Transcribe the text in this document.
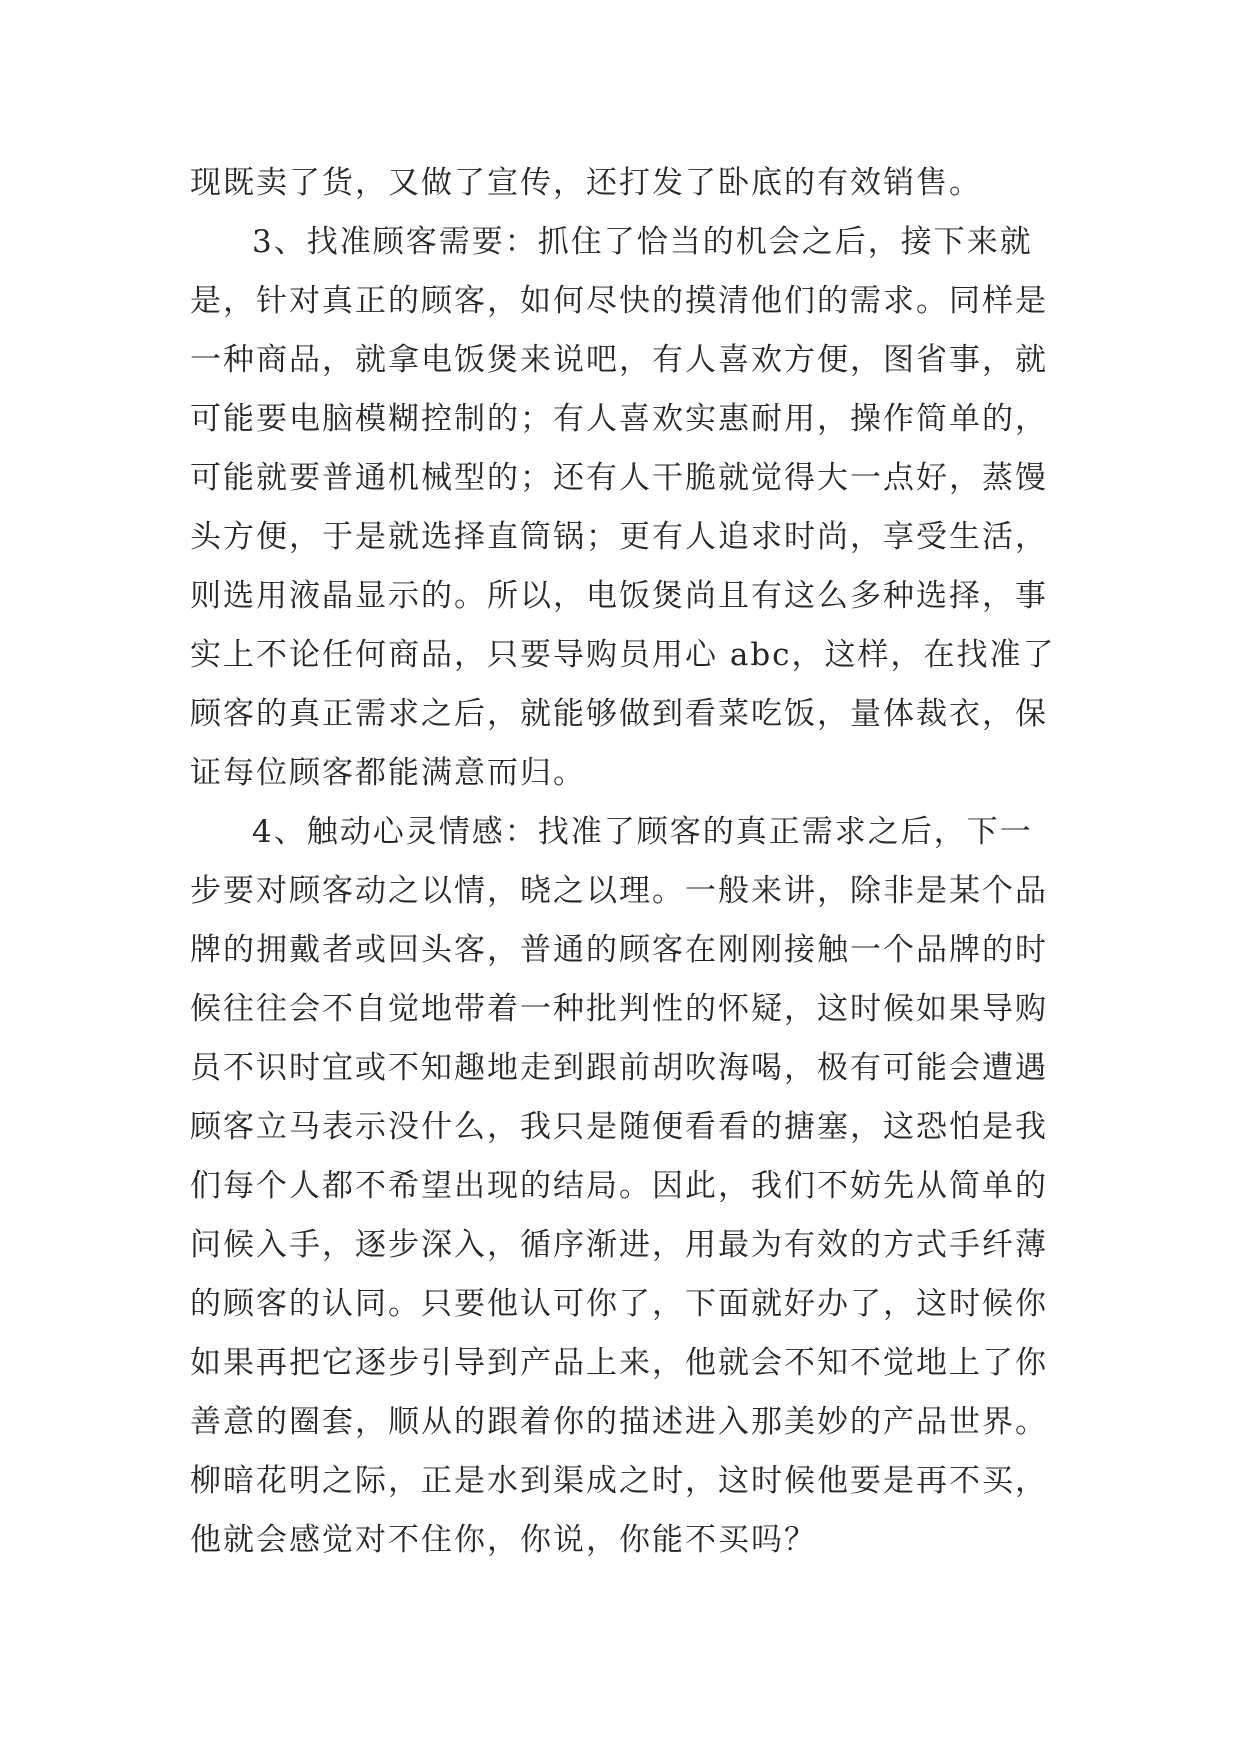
现既卖了货，又做了宣传，还打发了卧底的有效销售。
3、找准顾客需要：抓住了恰当的机会之后，接下来就
是，针对真正的顾客，如何尽快的摸清他们的需求。同样是
一种商品，就拿电饭煲来说吧，有人喜欢方便，图省事，就
可能要电脑模糊控制的；有人喜欢实惠耐用，操作简单的，
可能就要普通机械型的；还有人干脆就觉得大一点好，蒸馒
头方便，于是就选择直筒锅；更有人追求时尚，享受生活，
则选用液晶显示的。所以，电饭煲尚且有这么多种选择，事
实上不论任何商品，只要导购员用心 abc，这样，在找准了
顾客的真正需求之后，就能够做到看菜吃饭，量体裁衣，保
证每位顾客都能满意而归。
4、触动心灵情感：找准了顾客的真正需求之后，下一
步要对顾客动之以情，晓之以理。一般来讲，除非是某个品
牌的拥戴者或回头客，普通的顾客在刚刚接触一个品牌的时
候往往会不自觉地带着一种批判性的怀疑，这时候如果导购
员不识时宜或不知趣地走到跟前胡吹海喝，极有可能会遭遇
顾客立马表示没什么，我只是随便看看的搪塞，这恐怕是我
们每个人都不希望出现的结局。因此，我们不妨先从简单的
问候入手，逐步深入，循序渐进，用最为有效的方式手纤薄
的顾客的认同。只要他认可你了，下面就好办了，这时候你
如果再把它逐步引导到产品上来，他就会不知不觉地上了你
善意的圈套，顺从的跟着你的描述进入那美妙的产品世界。
柳暗花明之际，正是水到渠成之时，这时候他要是再不买，
他就会感觉对不住你，你说，你能不买吗？
